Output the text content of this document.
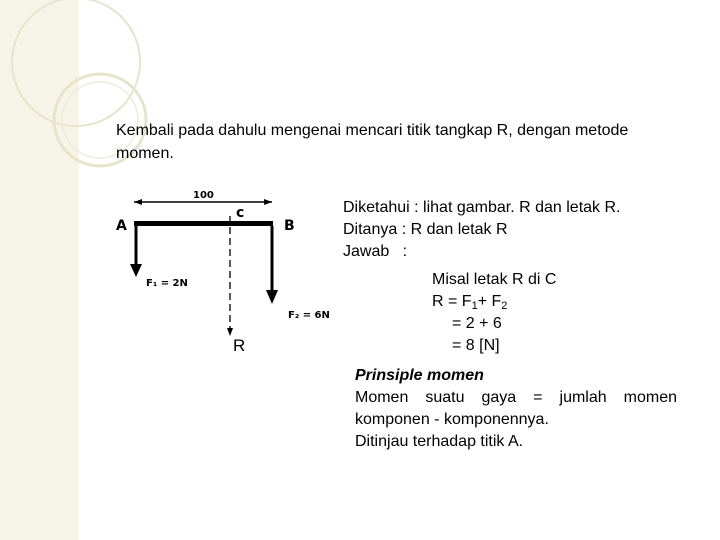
Kembali pada dahulu mengenai mencari titik tangkap R, dengan metode
momen.
100
A
c
B
F₁ = 2N
F₂ = 6N
R
Diketahui : lihat gambar. R dan letak R.
Ditanya : R dan letak R
Jawab   :
Misal letak R di C
$R = F_1+ F_2$
= 2 + 6
= 8 [N]
Prinsiple momen
Momen suatu gaya = jumlah momen
komponen - komponennya.
Ditinjau terhadap titik A.
